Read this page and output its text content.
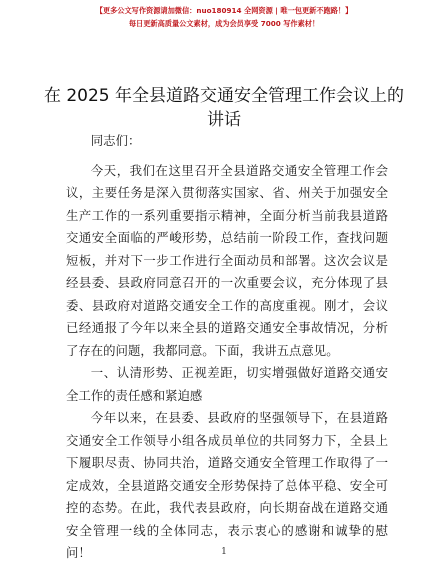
【更多公文写作资源请加微信：nuo180914 全网资源 | 唯一包更新不跑路！】
每日更新高质量公文素材，成为会员享受 7000 写作素材！
在 2025 年全县道路交通安全管理工作会议上的讲话

同志们：

今天，我们在这里召开全县道路交通安全管理工作会议，主要任务是深入贯彻落实国家、省、州关于加强安全生产工作的一系列重要指示精神，全面分析当前我县道路交通安全面临的严峻形势，总结前一阶段工作，查找问题短板，并对下一步工作进行全面动员和部署。这次会议是经县委、县政府同意召开的一次重要会议，充分体现了县委、县政府对道路交通安全工作的高度重视。刚才，会议已经通报了今年以来全县的道路交通安全事故情况，分析了存在的问题，我都同意。下面，我讲五点意见。

一、认清形势、正视差距，切实增强做好道路交通安全工作的责任感和紧迫感

今年以来，在县委、县政府的坚强领导下，在县道路交通安全工作领导小组各成员单位的共同努力下，全县上下履职尽责、协同共治，道路交通安全管理工作取得了一定成效，全县道路交通安全形势保持了总体平稳、安全可控的态势。在此，我代表县政府，向长期奋战在道路交通安全管理一线的全体同志，表示衷心的感谢和诚挚的慰问！	1
